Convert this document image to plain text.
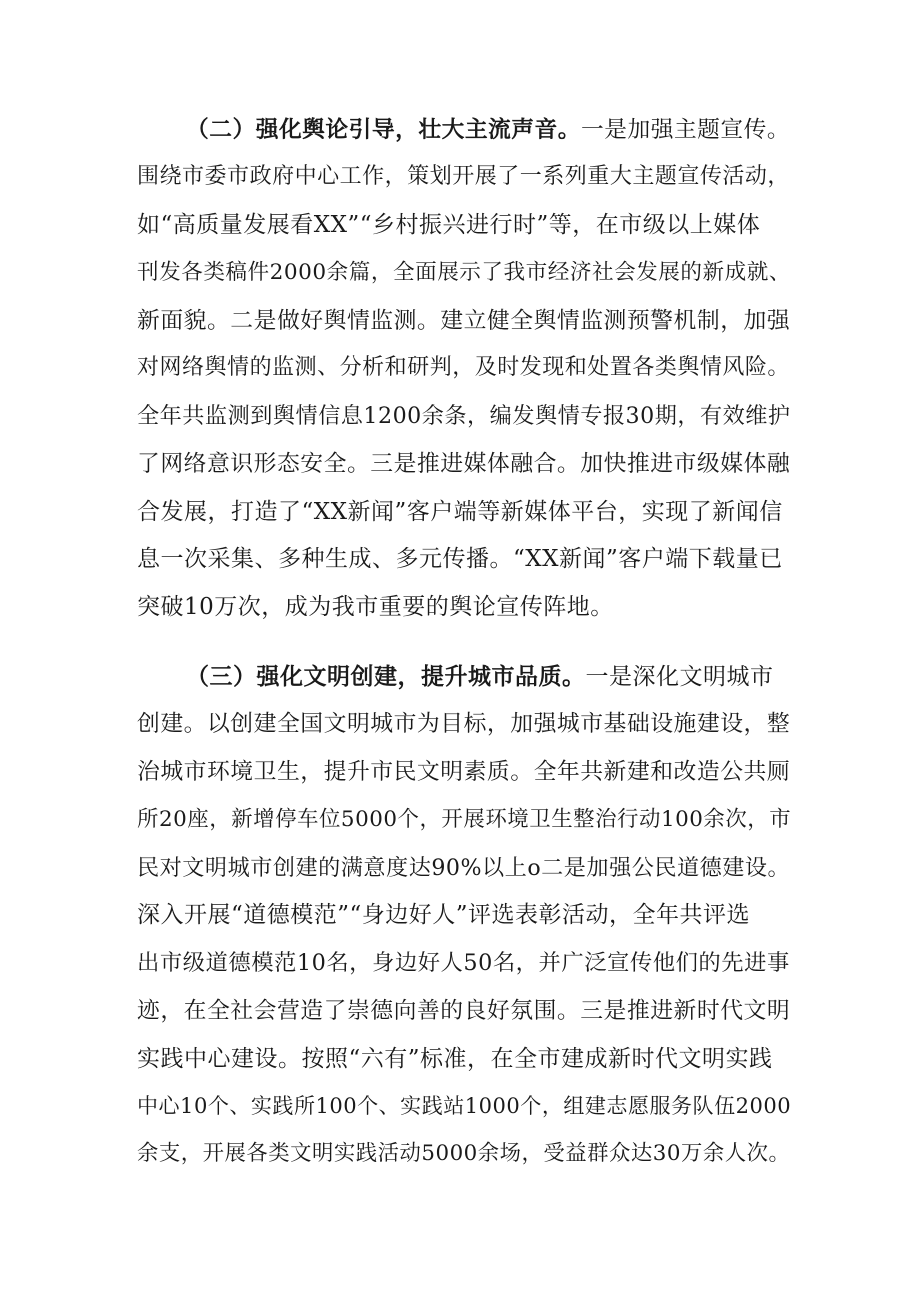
（二）强化舆论引导，壮大主流声音。一是加强主题宣传。
围绕市委市政府中心工作，策划开展了一系列重大主题宣传活动，
如“高质量发展看XX”“乡村振兴进行时”等，在市级以上媒体
刊发各类稿件2000余篇，全面展示了我市经济社会发展的新成就、
新面貌。二是做好舆情监测。建立健全舆情监测预警机制，加强
对网络舆情的监测、分析和研判，及时发现和处置各类舆情风险。
全年共监测到舆情信息1200余条，编发舆情专报30期，有效维护
了网络意识形态安全。三是推进媒体融合。加快推进市级媒体融
合发展，打造了“XX新闻”客户端等新媒体平台，实现了新闻信
息一次采集、多种生成、多元传播。“XX新闻”客户端下载量已
突破10万次，成为我市重要的舆论宣传阵地。
（三）强化文明创建，提升城市品质。一是深化文明城市
创建。以创建全国文明城市为目标，加强城市基础设施建设，整
治城市环境卫生，提升市民文明素质。全年共新建和改造公共厕
所20座，新增停车位5000个，开展环境卫生整治行动100余次，市
民对文明城市创建的满意度达90%以上o二是加强公民道德建设。
深入开展“道德模范”“身边好人”评选表彰活动，全年共评选
出市级道德模范10名，身边好人50名，并广泛宣传他们的先进事
迹，在全社会营造了崇德向善的良好氛围。三是推进新时代文明
实践中心建设。按照“六有”标准，在全市建成新时代文明实践
中心10个、实践所100个、实践站1000个，组建志愿服务队伍2000
余支，开展各类文明实践活动5000余场，受益群众达30万余人次。
